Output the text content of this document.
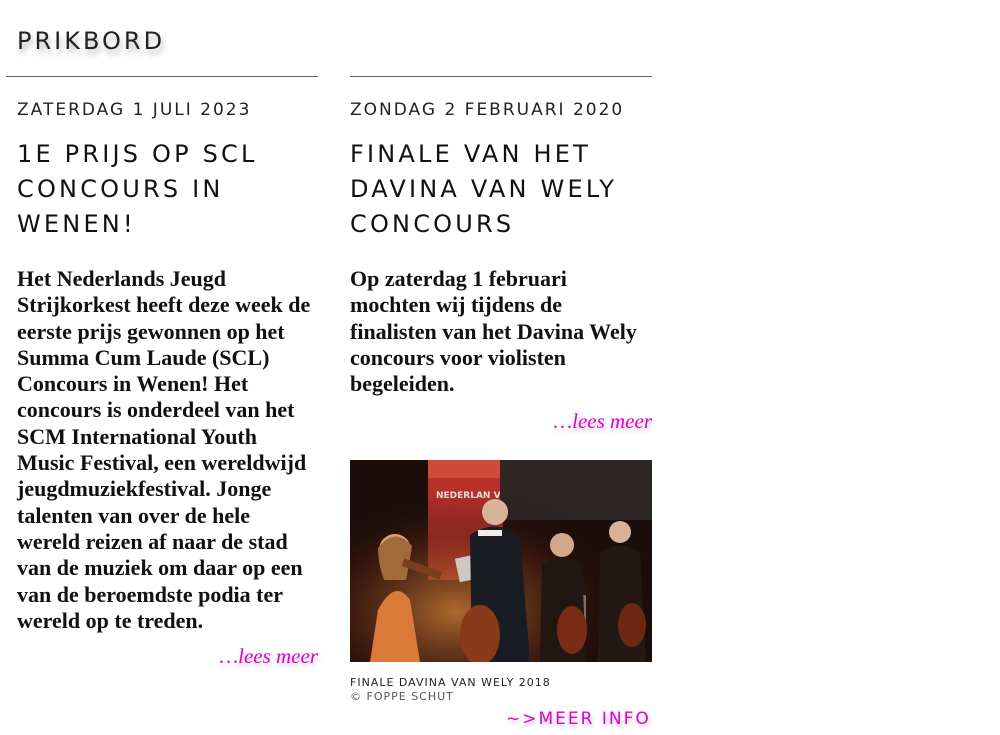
PRIKBORD
ZATERDAG 1 JULI 2023
1E PRIJS OP SCL CONCOURS IN WENEN!

Het Nederlands Jeugd Strijkorkest heeft deze week de eerste prijs gewonnen op het Summa Cum Laude (SCL) Concours in Wenen! Het concours is onderdeel van het SCM International Youth Music Festival, een wereldwijd jeugdmuziekfestival. Jonge talenten van over de hele wereld reizen af naar de stad van de muziek om daar op een van de beroemdste podia ter wereld op te treden.

…lees meer
ZONDAG 2 FEBRUARI 2020
FINALE VAN HET DAVINA VAN WELY CONCOURS

Op zaterdag 1 februari mochten wij tijdens de finalisten van het Davina Wely concours voor violisten begeleiden.

…lees meer
FINALE DAVINA VAN WELY 2018
© FOPPE SCHUT
~>MEER INFO
